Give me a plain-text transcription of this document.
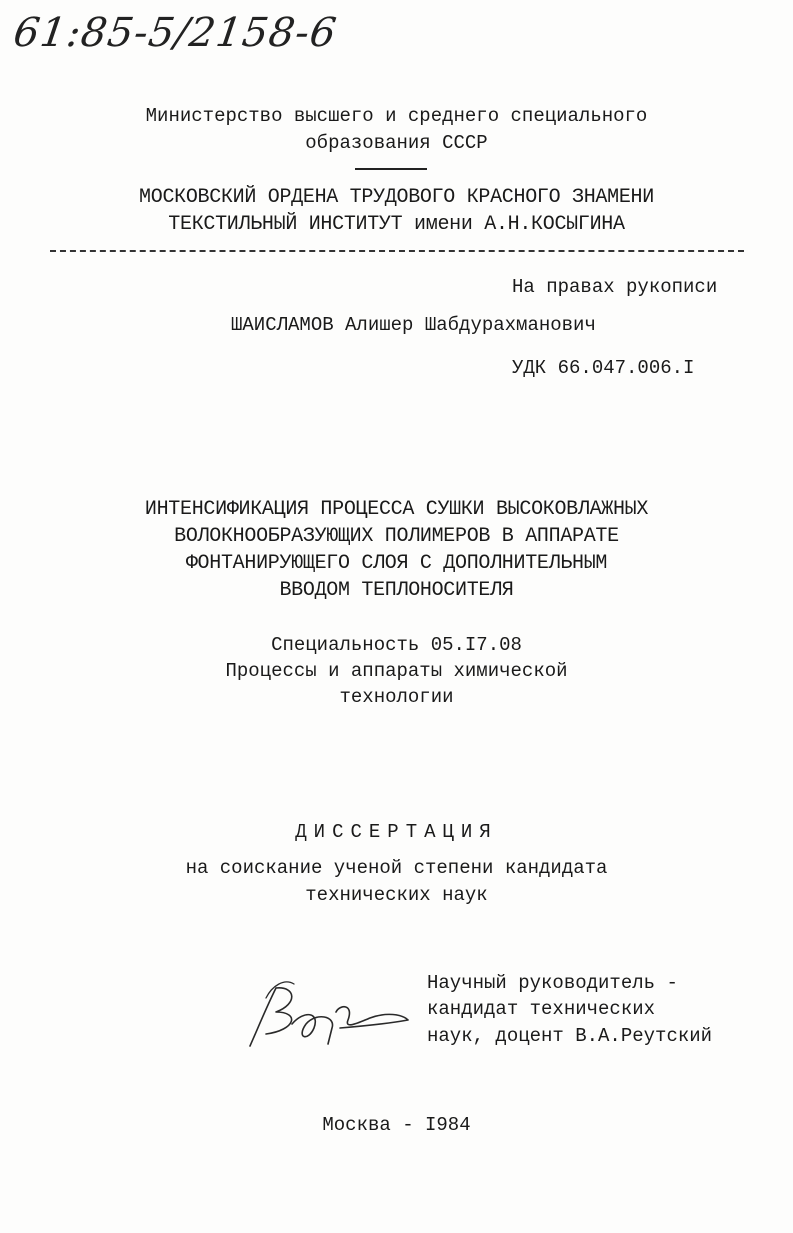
61:85-5/2158-6
Министерство высшего и среднего специального
образования СССР
МОСКОВСКИЙ ОРДЕНА ТРУДОВОГО КРАСНОГО ЗНАМЕНИ
ТЕКСТИЛЬНЫЙ ИНСТИТУТ имени А.Н.КОСЫГИНА
На правах рукописи
ШАИСЛАМОВ Алишер Шабдурахманович
УДК 66.047.006.I
ИНТЕНСИФИКАЦИЯ ПРОЦЕССА СУШКИ ВЫСОКОВЛАЖНЫХ
ВОЛОКНООБРАЗУЮЩИХ ПОЛИМЕРОВ В АППАРАТЕ
ФОНТАНИРУЮЩЕГО СЛОЯ С ДОПОЛНИТЕЛЬНЫМ
ВВОДОМ ТЕПЛОНОСИТЕЛЯ
Специальность 05.I7.08
Процессы и аппараты химической
технологии
ДИССЕРТАЦИЯ
на соискание ученой степени кандидата
технических наук
Научный руководитель -
кандидат технических
наук, доцент В.А.Реутский
Москва - I984
